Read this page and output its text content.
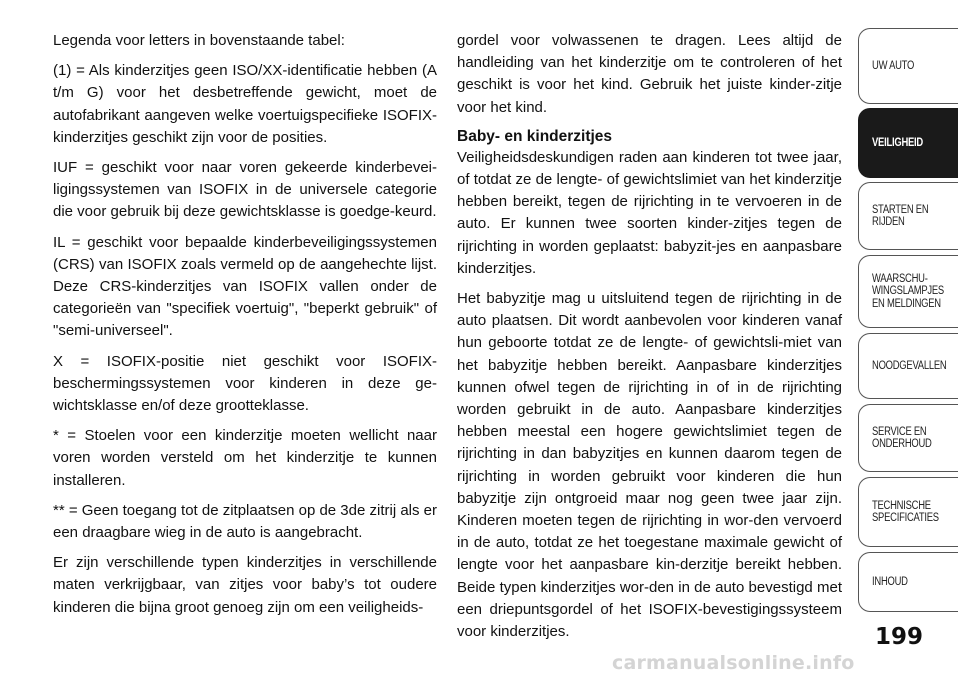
Legenda voor letters in bovenstaande tabel:

(1) = Als kinderzitjes geen ISO/XX-identificatie hebben (A t/m G) voor het desbetreffende gewicht, moet de autofabrikant aangeven welke voertuigspecifieke ISOFIX-kinderzitjes geschikt zijn voor de posities.

IUF = geschikt voor naar voren gekeerde kinderbevei-ligingssystemen van ISOFIX in de universele categorie die voor gebruik bij deze gewichtsklasse is goedge-keurd.

IL = geschikt voor bepaalde kinderbeveiligingssystemen (CRS) van ISOFIX zoals vermeld op de aangehechte lijst. Deze CRS-kinderzitjes van ISOFIX vallen onder de categorieën van "specifiek voertuig", "beperkt gebruik" of "semi-universeel".

X = ISOFIX-positie niet geschikt voor ISOFIX-beschermingssystemen voor kinderen in deze ge-wichtsklasse en/of deze grootteklasse.

* = Stoelen voor een kinderzitje moeten wellicht naar voren worden versteld om het kinderzitje te kunnen installeren.

** = Geen toegang tot de zitplaatsen op de 3de zitrij als er een draagbare wieg in de auto is aangebracht.

Er zijn verschillende typen kinderzitjes in verschillende maten verkrijgbaar, van zitjes voor baby’s tot oudere kinderen die bijna groot genoeg zijn om een veiligheids-

gordel voor volwassenen te dragen. Lees altijd de handleiding van het kinderzitje om te controleren of het geschikt is voor het kind. Gebruik het juiste kinder-zitje voor het kind.

Baby- en kinderzitjes

Veiligheidsdeskundigen raden aan kinderen tot twee jaar, of totdat ze de lengte- of gewichtslimiet van het kinderzitje hebben bereikt, tegen de rijrichting in te vervoeren in de auto. Er kunnen twee soorten kinder-zitjes tegen de rijrichting in worden geplaatst: babyzit-jes en aanpasbare kinderzitjes.

Het babyzitje mag u uitsluitend tegen de rijrichting in de auto plaatsen. Dit wordt aanbevolen voor kinderen vanaf hun geboorte totdat ze de lengte- of gewichtsli-miet van het babyzitje hebben bereikt. Aanpasbare kinderzitjes kunnen ofwel tegen de rijrichting in of in de rijrichting worden gebruikt in de auto. Aanpasbare kinderzitjes hebben meestal een hogere gewichtslimiet tegen de rijrichting in dan babyzitjes en kunnen daarom tegen de rijrichting in worden gebruikt voor kinderen die hun babyzitje zijn ontgroeid maar nog geen twee jaar zijn. Kinderen moeten tegen de rijrichting in wor-den vervoerd in de auto, totdat ze het toegestane maximale gewicht of lengte voor het aanpasbare kin-derzitje bereikt hebben. Beide typen kinderzitjes wor-den in de auto bevestigd met een driepuntsgordel of het ISOFIX-bevestigingssysteem voor kinderzitjes.

UW AUTO
VEILIGHEID
STARTEN EN
RIJDEN
WAARSCHU-
WINGSLAMPJES
EN MELDINGEN
NOODGEVALLEN
SERVICE EN
ONDERHOUD
TECHNISCHE
SPECIFICATIES
INHOUD
199
carmanualsonline.info
